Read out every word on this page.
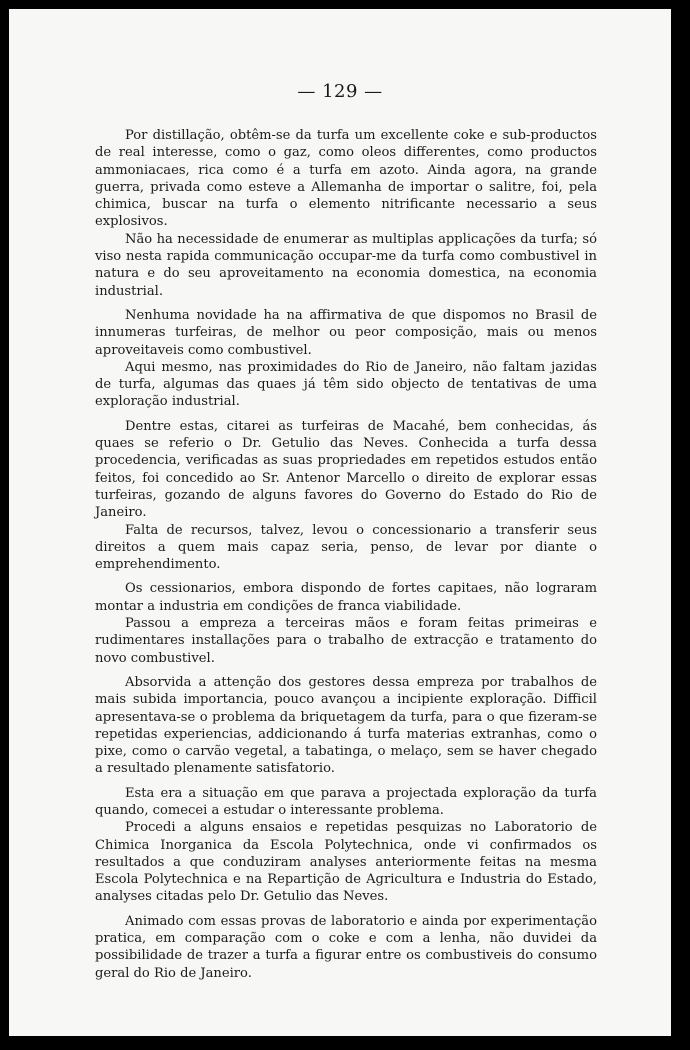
— 129 —

Por distillação, obtêm-se da turfa um excellente coke e sub-productos de real interesse, como o gaz, como oleos differentes, como productos ammoniacaes, rica como é a turfa em azoto. Ainda agora, na grande guerra, privada como esteve a Allemanha de importar o salitre, foi, pela chimica, buscar na turfa o elemento nitrificante necessario a seus explosivos.

Não ha necessidade de enumerar as multiplas applicações da turfa; só viso nesta rapida communicação occupar-me da turfa como combustivel in natura e do seu aproveitamento na economia domestica, na economia industrial.

Nenhuma novidade ha na affirmativa de que dispomos no Brasil de innumeras turfeiras, de melhor ou peor composição, mais ou menos aproveitaveis como combustivel.

Aqui mesmo, nas proximidades do Rio de Janeiro, não faltam jazidas de turfa, algumas das quaes já têm sido objecto de tentativas de uma exploração industrial.

Dentre estas, citarei as turfeiras de Macahé, bem conhecidas, ás quaes se referio o Dr. Getulio das Neves. Conhecida a turfa dessa procedencia, verificadas as suas propriedades em repetidos estudos então feitos, foi concedido ao Sr. Antenor Marcello o direito de explorar essas turfeiras, gozando de alguns favores do Governo do Estado do Rio de Janeiro.

Falta de recursos, talvez, levou o concessionario a transferir seus direitos a quem mais capaz seria, penso, de levar por diante o emprehendimento.

Os cessionarios, embora dispondo de fortes capitaes, não lograram montar a industria em condições de franca viabilidade.

Passou a empreza a terceiras mãos e foram feitas primeiras e rudimentares installações para o trabalho de extracção e tratamento do novo combustivel.

Absorvida a attenção dos gestores dessa empreza por trabalhos de mais subida importancia, pouco avançou a incipiente exploração. Difficil apresentava-se o problema da briquetagem da turfa, para o que fizeram-se repetidas experiencias, addicionando á turfa materias extranhas, como o pixe, como o carvão vegetal, a tabatinga, o melaço, sem se haver chegado a resultado plenamente satisfatorio.

Esta era a situação em que parava a projectada exploração da turfa quando, comecei a estudar o interessante problema.

Procedi a alguns ensaios e repetidas pesquizas no Laboratorio de Chimica Inorganica da Escola Polytechnica, onde vi confirmados os resultados a que conduziram analyses anteriormente feitas na mesma Escola Polytechnica e na Repartição de Agricultura e Industria do Estado, analyses citadas pelo Dr. Getulio das Neves.

Animado com essas provas de laboratorio e ainda por experimentação pratica, em comparação com o coke e com a lenha, não duvidei da possibilidade de trazer a turfa a figurar entre os combustiveis do consumo geral do Rio de Janeiro.
